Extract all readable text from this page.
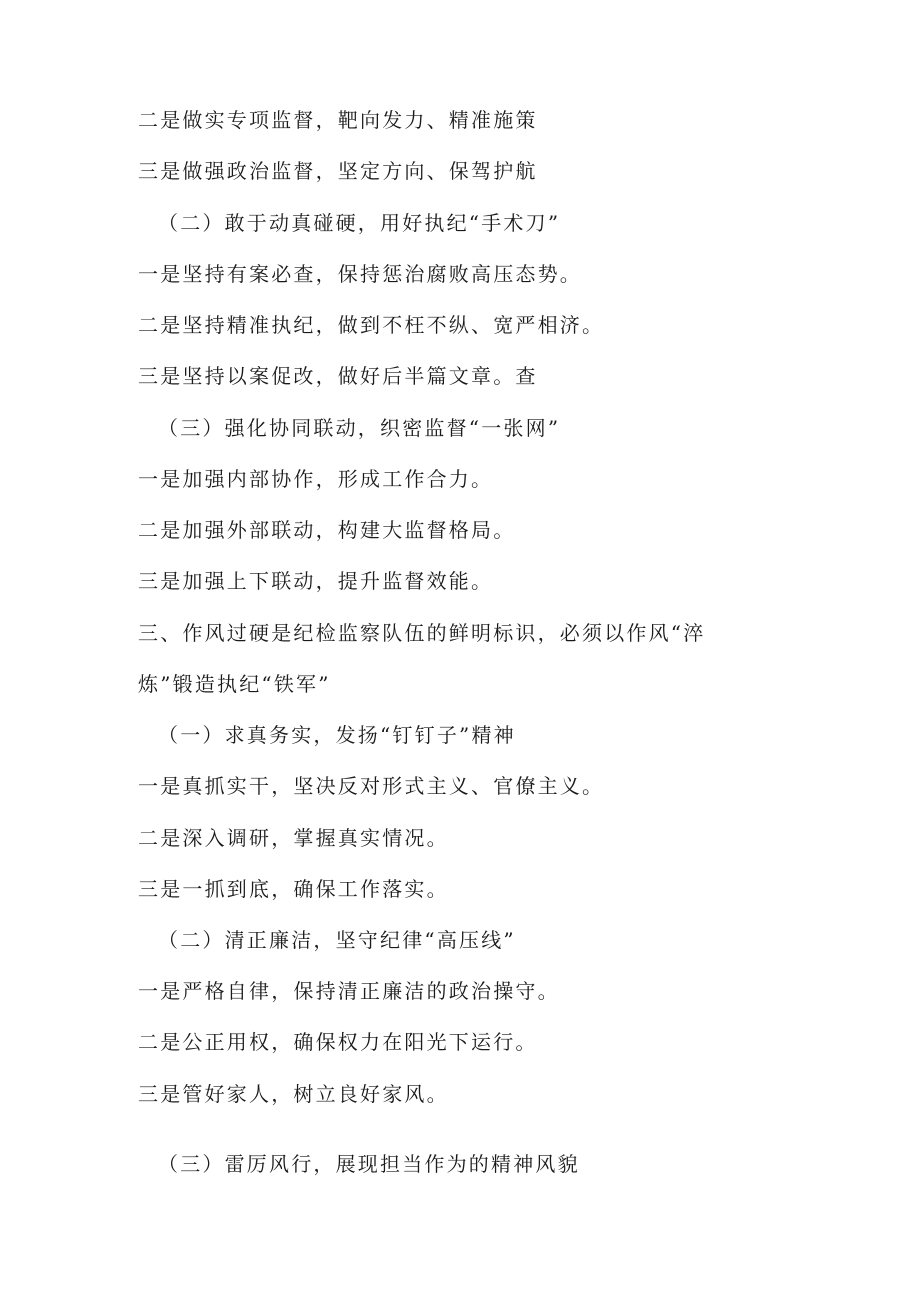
二是做实专项监督，靶向发力、精准施策

三是做强政治监督，坚定方向、保驾护航

（二）敢于动真碰硬，用好执纪“手术刀”

一是坚持有案必查，保持惩治腐败高压态势。

二是坚持精准执纪，做到不枉不纵、宽严相济。

三是坚持以案促改，做好后半篇文章。查

（三）强化协同联动，织密监督“一张网”

一是加强内部协作，形成工作合力。

二是加强外部联动，构建大监督格局。

三是加强上下联动，提升监督效能。

三、作风过硬是纪检监察队伍的鲜明标识，必须以作风“淬

炼”锻造执纪“铁军”

（一）求真务实，发扬“钉钉子”精神

一是真抓实干，坚决反对形式主义、官僚主义。

二是深入调研，掌握真实情况。

三是一抓到底，确保工作落实。

（二）清正廉洁，坚守纪律“高压线”

一是严格自律，保持清正廉洁的政治操守。

二是公正用权，确保权力在阳光下运行。

三是管好家人，树立良好家风。

（三）雷厉风行，展现担当作为的精神风貌
